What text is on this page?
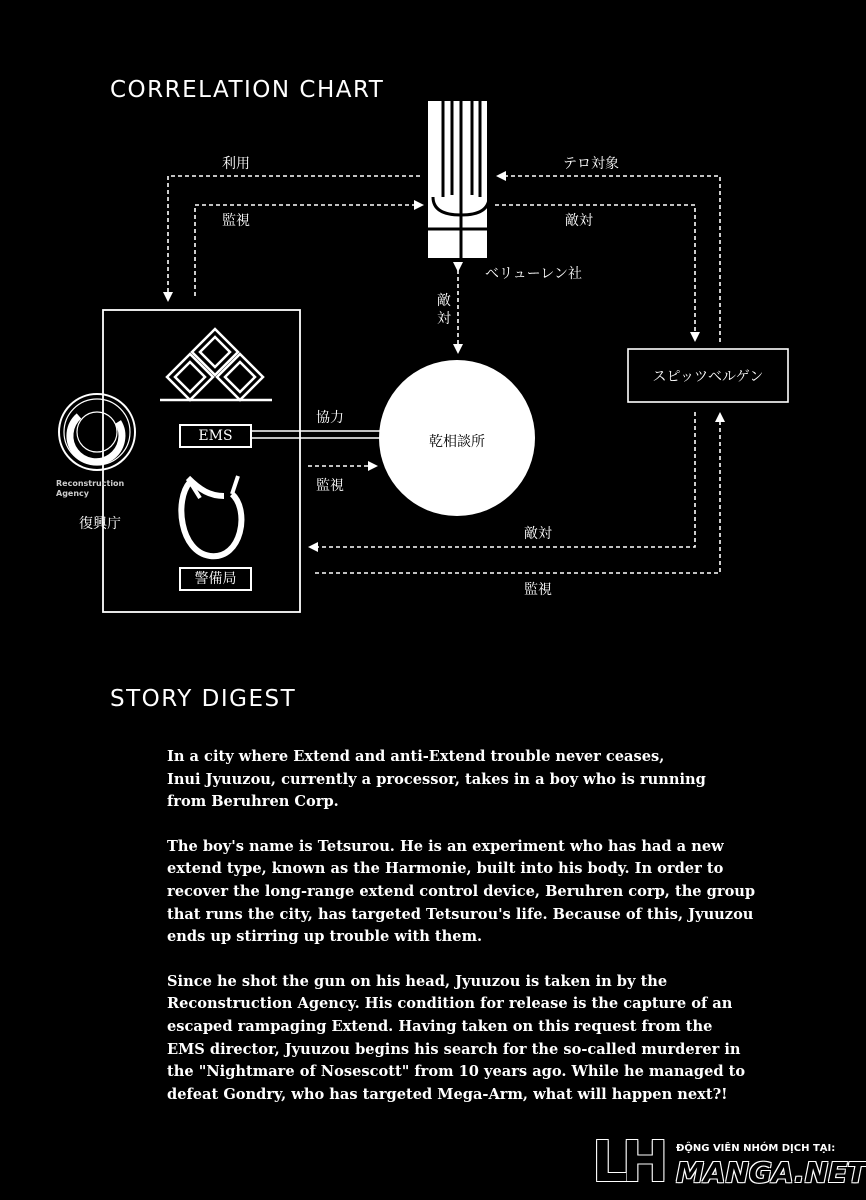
CORRELATION CHART
利用
監視
テロ対象
敵対
敵対
協力
監視
敵対
監視
ベリューレン社
スピッツベルゲン
乾相談所
EMS
警備局
Reconstruction
Agency
復興庁
STORY DIGEST

In a city where Extend and anti-Extend trouble never ceases,
Inui Jyuuzou, currently a processor, takes in a boy who is running
from Beruhren Corp.

The boy's name is Tetsurou. He is an experiment who has had a new
extend type, known as the Harmonie, built into his body. In order to
recover the long-range extend control device, Beruhren corp, the group
that runs the city, has targeted Tetsurou's life. Because of this, Jyuuzou
ends up stirring up trouble with them.

Since he shot the gun on his head, Jyuuzou is taken in by the
Reconstruction Agency. His condition for release is the capture of an
escaped rampaging Extend. Having taken on this request from the
EMS director, Jyuuzou begins his search for the so-called murderer in
the "Nightmare of Nosescott" from 10 years ago. While he managed to
defeat Gondry, who has targeted Mega-Arm, what will happen next?!

LH ĐỘNG VIÊN NHÓM DỊCH TẠI:
MANGA.NET
